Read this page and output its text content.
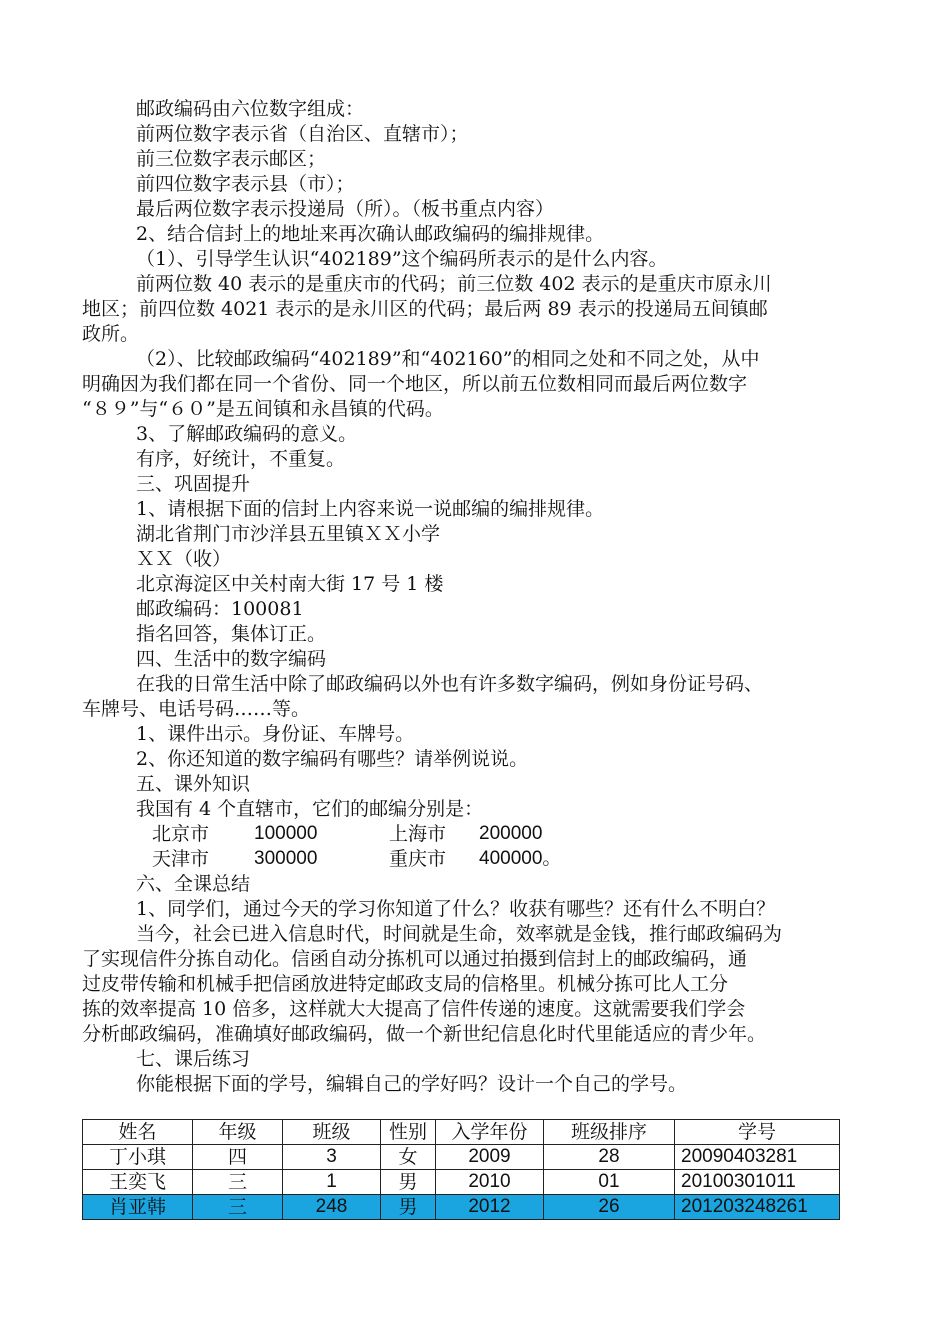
邮政编码由六位数字组成：
前两位数字表示省（自治区、直辖市）；
前三位数字表示邮区；
前四位数字表示县（市）；
最后两位数字表示投递局（所）。（板书重点内容）
2、结合信封上的地址来再次确认邮政编码的编排规律。
（1）、引导学生认识“402189”这个编码所表示的是什么内容。
前两位数 40 表示的是重庆市的代码；前三位数 402 表示的是重庆市原永川
地区；前四位数 4021 表示的是永川区的代码；最后两 89 表示的投递局五间镇邮
政所。
（2）、比较邮政编码“402189”和“402160”的相同之处和不同之处，从中
明确因为我们都在同一个省份、同一个地区，所以前五位数相同而最后两位数字
“８９”与“６０”是五间镇和永昌镇的代码。
3、了解邮政编码的意义。
有序，好统计，不重复。
三、巩固提升
1、请根据下面的信封上内容来说一说邮编的编排规律。
湖北省荆门市沙洋县五里镇ＸＸ小学
ＸＸ（收）
北京海淀区中关村南大街 17 号 1 楼
邮政编码：100081
指名回答，集体订正。
四、生活中的数字编码
在我的日常生活中除了邮政编码以外也有许多数字编码，例如身份证号码、
车牌号、电话号码……等。
1、课件出示。身份证、车牌号。
2、你还知道的数字编码有哪些？请举例说说。
五、课外知识
我国有 4 个直辖市，它们的邮编分别是：
北京市 100000	上海市 200000
天津市 300000	重庆市 400000。
六、全课总结
1、同学们，通过今天的学习你知道了什么？收获有哪些？还有什么不明白？
当今，社会已进入信息时代，时间就是生命，效率就是金钱，推行邮政编码为
了实现信件分拣自动化。信函自动分拣机可以通过拍摄到信封上的邮政编码，通
过皮带传输和机械手把信函放进特定邮政支局的信格里。机械分拣可比人工分
拣的效率提高 10 倍多，这样就大大提高了信件传递的速度。这就需要我们学会
分析邮政编码，准确填好邮政编码，做一个新世纪信息化时代里能适应的青少年。
七、课后练习
你能根据下面的学号，编辑自己的学好吗？设计一个自己的学号。
姓名	年级	班级	性别	入学年份	班级排序	学号
丁小琪	四	3	女	2009	28	20090403281
王奕飞	三	1	男	2010	01	20100301011
肖亚韩	三	248	男	2012	26	201203248261
